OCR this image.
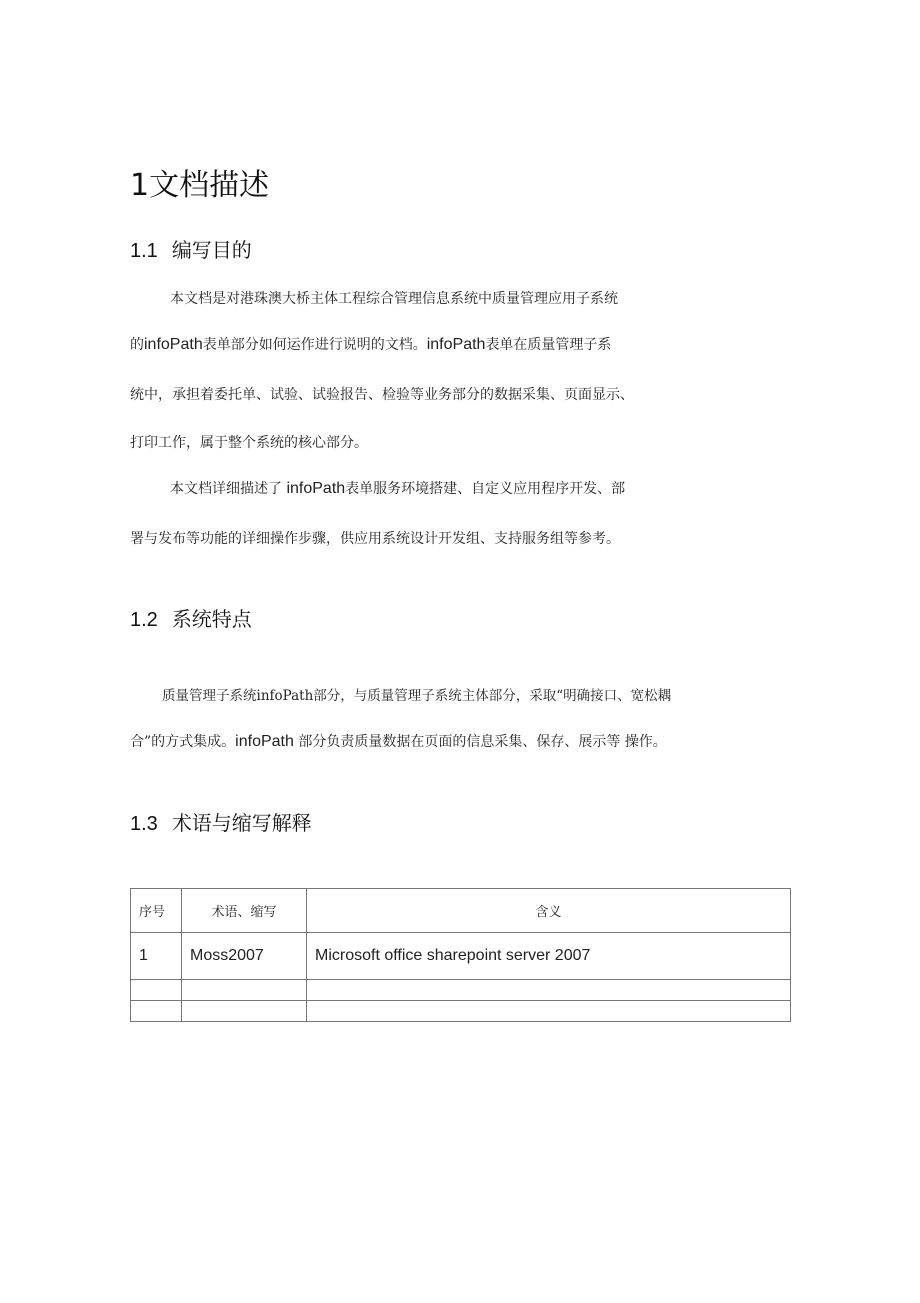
1文档描述
1.1 编写目的

本文档是对港珠澳大桥主体工程综合管理信息系统中质量管理应用子系统

的infoPath表单部分如何运作进行说明的文档。infoPath表单在质量管理子系

统中，承担着委托单、试验、试验报告、检验等业务部分的数据采集、页面显示、

打印工作，属于整个系统的核心部分。

本文档详细描述了 infoPath表单服务环境搭建、自定义应用程序开发、部

署与发布等功能的详细操作步骤，供应用系统设计开发组、支持服务组等参考。

1.2 系统特点

质量管理子系统infoPath部分，与质量管理子系统主体部分，采取“明确接口、宽松耦

合”的方式集成。infoPath 部分负责质量数据在页面的信息采集、保存、展示等 操作。

1.3 术语与缩写解释
序号	术语、缩写	含义
1	Moss2007	Microsoft office sharepoint server 2007
